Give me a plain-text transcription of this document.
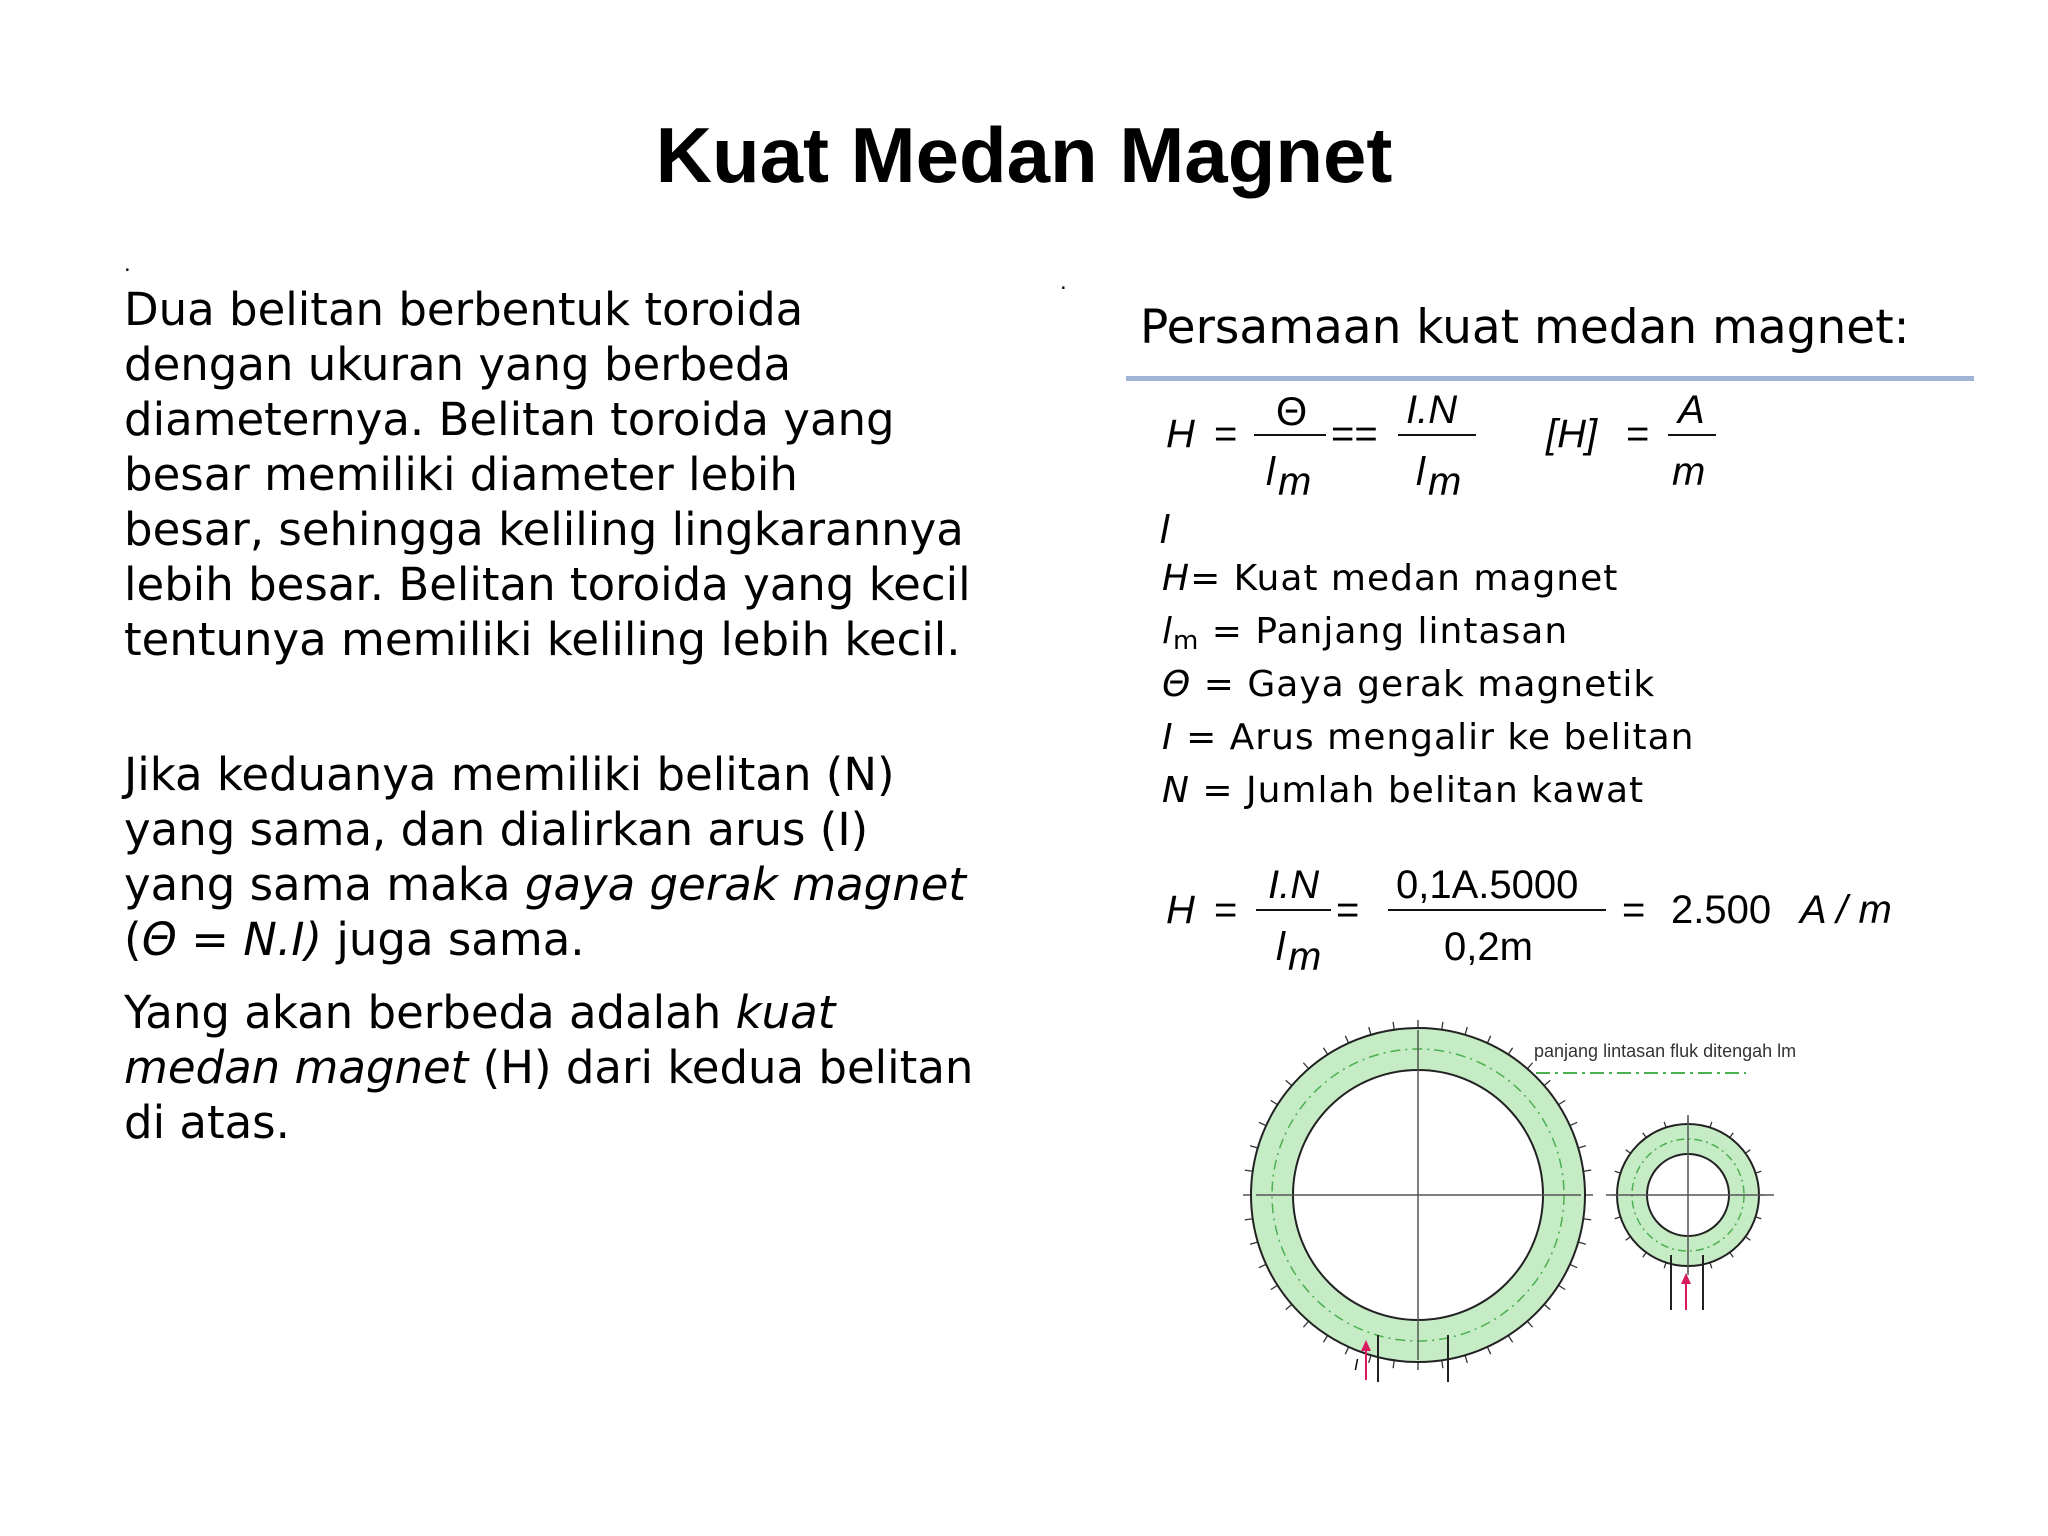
Kuat Medan Magnet
.

Dua belitan berbentuk toroida
dengan ukuran yang berbeda
diameternya. Belitan toroida yang
besar memiliki diameter lebih
besar, sehingga keliling lingkarannya
lebih besar. Belitan toroida yang kecil
tentunya memiliki keliling lebih kecil.

Jika keduanya memiliki belitan (N)
yang sama, dan dialirkan arus (I)
yang sama maka gaya gerak magnet
(Θ = N.I) juga sama.

Yang akan berbeda adalah kuat
medan magnet (H) dari kedua belitan
di atas.

.
Persamaan kuat medan magnet:
H = Θ
l m
==
I.N
l m
[H] =
A
m
l
H= Kuat medan magnet
lm = Panjang lintasan
Θ = Gaya gerak magnetik
I = Arus mengalir ke belitan
N = Jumlah belitan kawat
H =
I.N
l m
=
0,1A.5000
0,2m
= 2.500 A / m
panjang lintasan fluk ditengah lm
I
